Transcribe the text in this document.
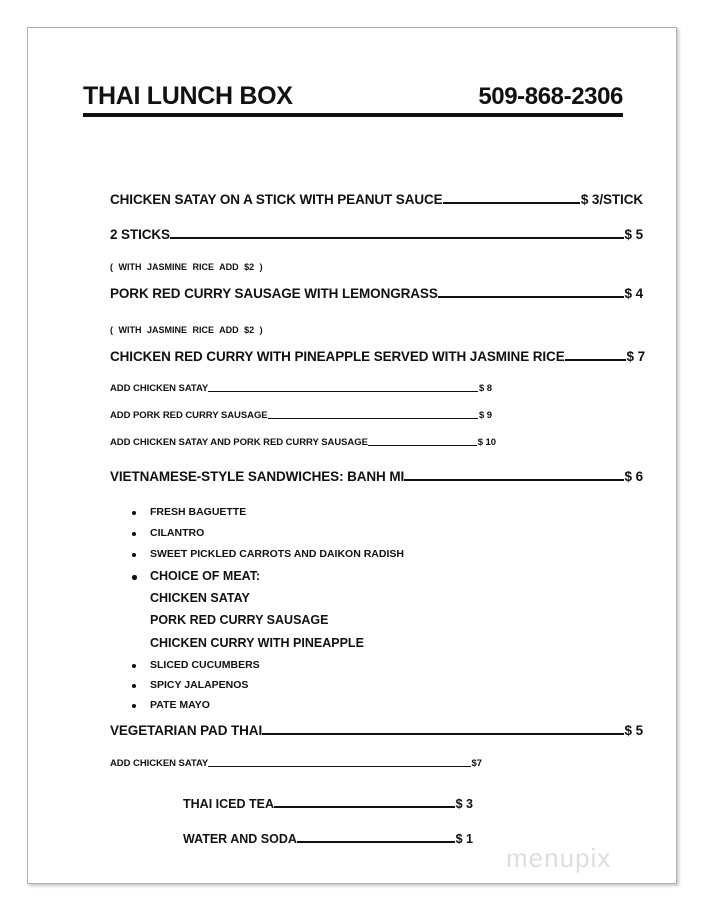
THAI LUNCH BOX	509-868-2306
CHICKEN SATAY ON A STICK WITH PEANUT SAUCE	$ 3/STICK
2 STICKS	$ 5
( WITH JASMINE RICE ADD $2 )
PORK RED CURRY SAUSAGE WITH LEMONGRASS	$ 4
( WITH JASMINE RICE ADD $2 )
CHICKEN RED CURRY WITH PINEAPPLE SERVED WITH JASMINE RICE	$ 7
ADD CHICKEN SATAY	$ 8
ADD PORK RED CURRY SAUSAGE	$ 9
ADD CHICKEN SATAY AND PORK RED CURRY SAUSAGE	$ 10
VIETNAMESE-STYLE SANDWICHES: BANH MI	$ 6
FRESH BAGUETTE
CILANTRO
SWEET PICKLED CARROTS AND DAIKON RADISH
CHOICE OF MEAT:
CHICKEN SATAY
PORK RED CURRY SAUSAGE
CHICKEN CURRY WITH PINEAPPLE
SLICED CUCUMBERS
SPICY JALAPENOS
PATE MAYO
VEGETARIAN PAD THAI	$ 5
ADD CHICKEN SATAY	$7
THAI ICED TEA	$ 3
WATER AND SODA	$ 1
menupix
